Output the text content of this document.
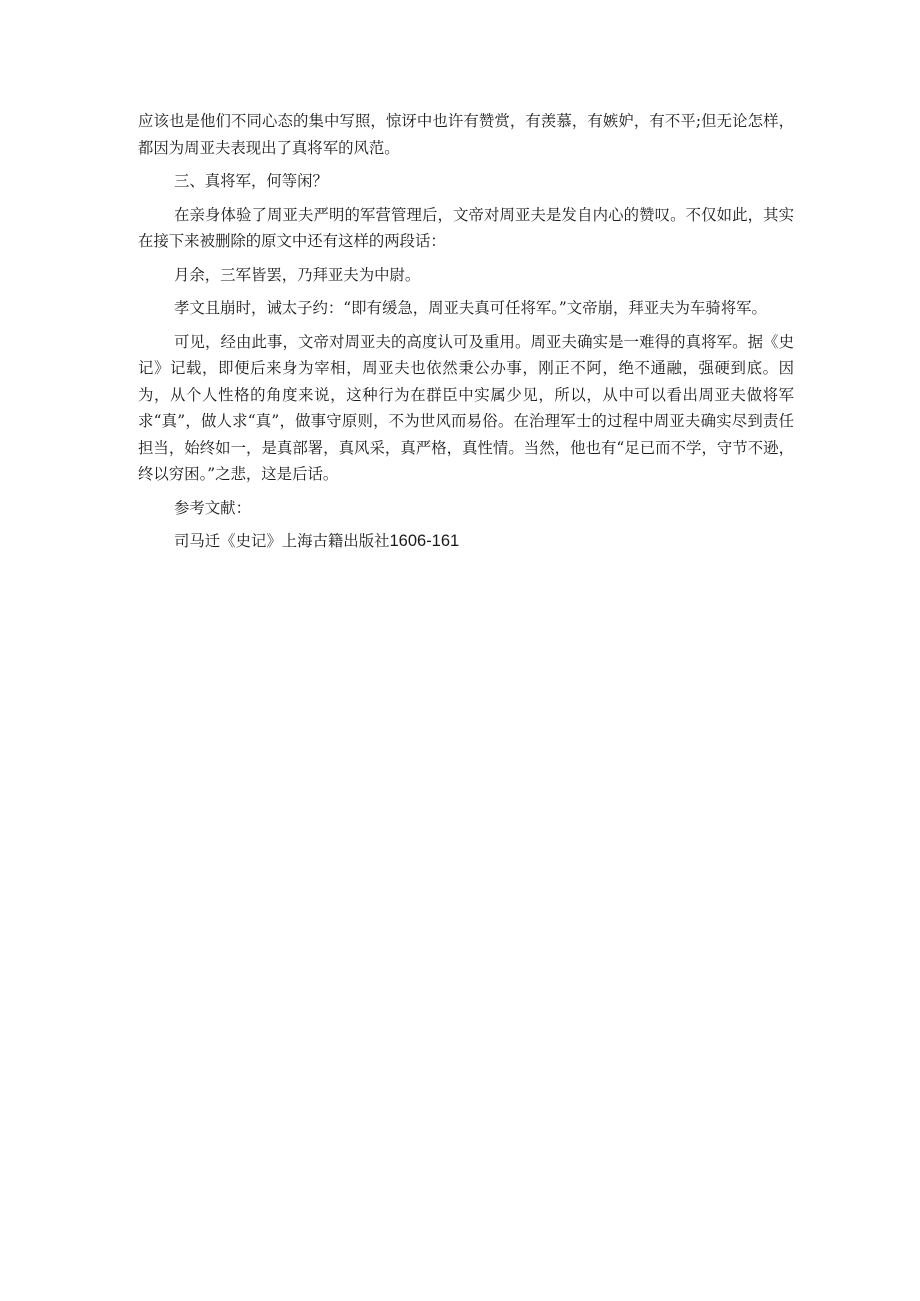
应该也是他们不同心态的集中写照，惊讶中也许有赞赏，有羡慕，有嫉妒，有不平;但无论怎样，都因为周亚夫表现出了真将军的风范。

三、真将军，何等闲？

在亲身体验了周亚夫严明的军营管理后，文帝对周亚夫是发自内心的赞叹。不仅如此，其实在接下来被删除的原文中还有这样的两段话：

月余，三军皆罢，乃拜亚夫为中尉。

孝文且崩时，诫太子约：“即有缓急，周亚夫真可任将军。”文帝崩，拜亚夫为车骑将军。

可见，经由此事，文帝对周亚夫的高度认可及重用。周亚夫确实是一难得的真将军。据《史记》记载，即便后来身为宰相，周亚夫也依然秉公办事，刚正不阿，绝不通融，强硬到底。因为，从个人性格的角度来说，这种行为在群臣中实属少见，所以，从中可以看出周亚夫做将军求“真”，做人求“真”，做事守原则，不为世风而易俗。在治理军士的过程中周亚夫确实尽到责任担当，始终如一，是真部署，真风采，真严格，真性情。当然，他也有“足已而不学，守节不逊，终以穷困。”之悲，这是后话。

参考文献：

司马迁《史记》上海古籍出版社1606-161
